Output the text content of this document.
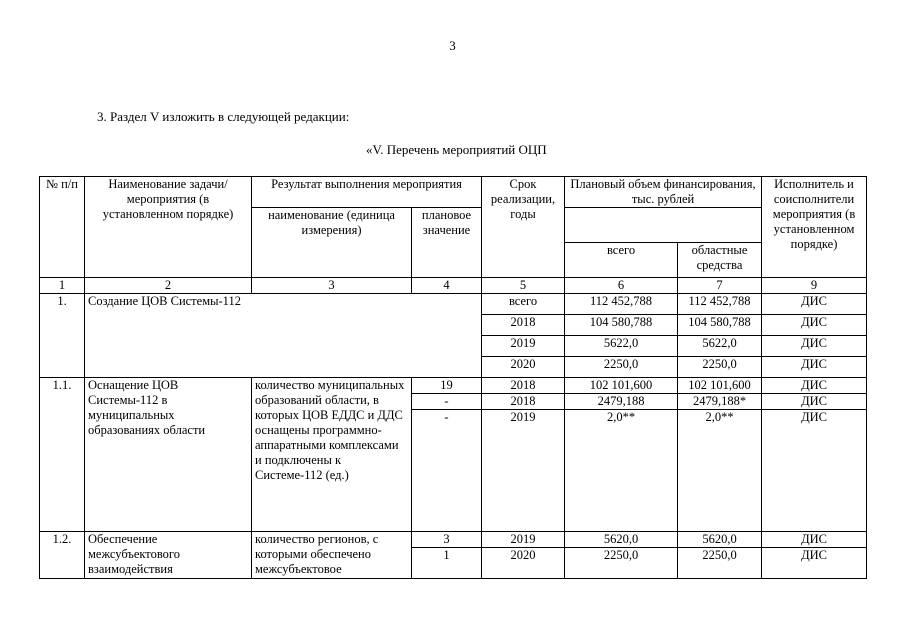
3
3. Раздел V изложить в следующей редакции:
«V. Перечень мероприятий ОЦП
№ п/п	Наименование задачи/мероприятия (в установленном порядке)	Результат выполнения мероприятия		Срок реализации, годы	Плановый объем финансирования, тыс. рублей		Исполнитель и соисполнители мероприятия (в установленном порядке)
		наименование (единица измерения)	плановое значение				
					всего	областные средства	
1	2	3	4	5	6	7	9
1.	Создание ЦОВ Системы-112			всего	112 452,788	112 452,788	ДИС
				2018	104 580,788	104 580,788	ДИС
				2019	5622,0	5622,0	ДИС
				2020	2250,0	2250,0	ДИС
1.1.	Оснащение ЦОВ Системы-112 в муниципальных образованиях области	количество муниципальных образований области, в которых ЦОВ ЕДДС и ДДС оснащены программно-аппаратными комплексами и подключены к Системе-112 (ед.)	19	2018	102 101,600	102 101,600	ДИС
			-	2018	2479,188	2479,188*	ДИС
			-	2019	2,0**	2,0**	ДИС
1.2.	Обеспечение межсубъектового взаимодействия	количество регионов, с которыми обеспечено межсубъектовое	3	2019	5620,0	5620,0	ДИС
			1	2020	2250,0	2250,0	ДИС
